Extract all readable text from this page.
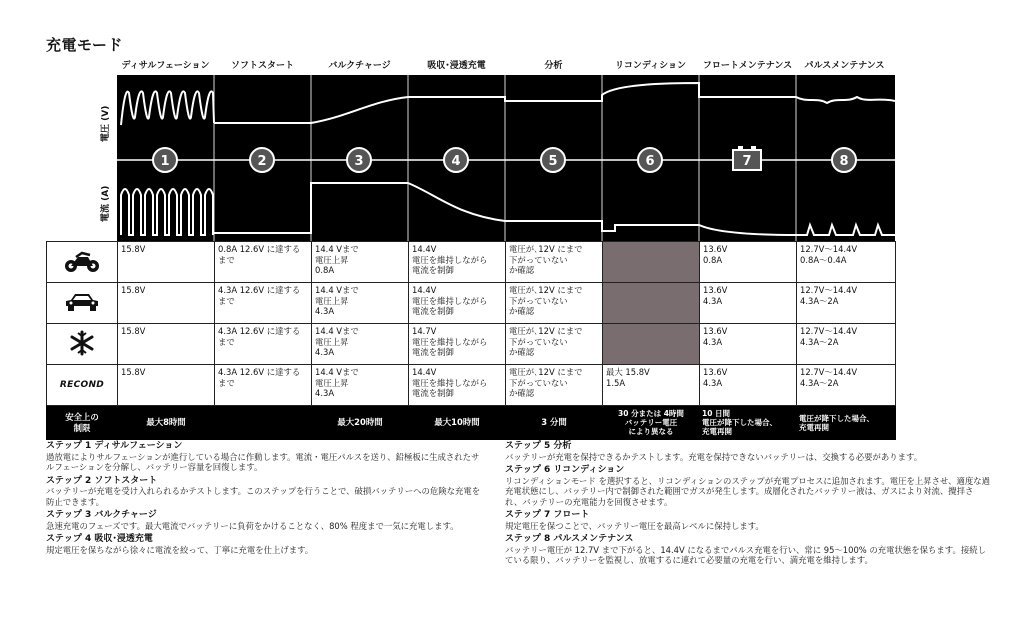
充電モード
ディサルフェーション	ソフトスタート	バルクチャージ	吸収･浸透充電	分析	リコンディション	フロートメンテナンス	パルスメンテナンス
電圧 (V)
電流 (A)
1	2	3	4	5	6	7	8
	15.8V	0.8A 12.6V に達するまで	14.4 Vまで
電圧上昇
0.8A	14.4V
電圧を維持しながら
電流を制御	電圧が､12V にまで
下がっていない
か確認		13.6V
0.8A	12.7V～14.4V
0.8A～0.4A
	15.8V	4.3A 12.6V に達するまで	14.4 Vまで
電圧上昇
4.3A	14.4V
電圧を維持しながら
電流を制御	電圧が､12V にまで
下がっていない
か確認		13.6V
4.3A	12.7V～14.4V
4.3A～2A
	15.8V	4.3A 12.6V に達するまで	14.4 Vまで
電圧上昇
4.3A	14.7V
電圧を維持しながら
電流を制御	電圧が､12V にまで
下がっていない
か確認		13.6V
4.3A	12.7V～14.4V
4.3A～2A
RECOND	15.8V	4.3A 12.6V に達するまで	14.4 Vまで
電圧上昇
4.3A	14.4V
電圧を維持しながら
電流を制御	電圧が､12V にまで
下がっていない
か確認	最大 15.8V
1.5A	13.6V
4.3A	12.7V～14.4V
4.3A～2A
安全上の
制限	最大8時間		最大20時間	最大10時間	3 分間	30 分または 4時間
バッテリー電圧
により異なる	10 日間
電圧が降下した場合、
充電再開	電圧が降下した場合、
充電再開
ステップ 1 ディサルフェーション
過放電によりサルフェーションが進行している場合に作動します。電流・電圧パルスを送り、鉛極板に生成されたサルフェーションを分解し、バッテリー容量を回復します。
ステップ 2 ソフトスタート
バッテリーが充電を受け入れられるかテストします。このステップを行うことで、破損バッテリーへの危険な充電を防止できます。
ステップ 3 バルクチャージ
急速充電のフェーズです。最大電流でバッテリーに負荷をかけることなく、80% 程度まで一気に充電します。
ステップ 4 吸収･浸透充電
規定電圧を保ちながら徐々に電流を絞って、丁寧に充電を仕上げます。
ステップ 5 分析
バッテリーが充電を保持できるかテストします。充電を保持できないバッテリーは、交換する必要があります。
ステップ 6 リコンディション
リコンディションモード を選択すると、リコンディションのステップが充電プロセスに追加されます。電圧を上昇させ、適度な過充電状態にし、バッテリー内で制御された範囲でガスが発生します。成層化されたバッテリー液は、ガスにより対流、攪拌され、バッテリーの充電能力を回復させます。
ステップ 7 フロート
規定電圧を保つことで、バッテリー電圧を最高レベルに保持します。
ステップ 8 パルスメンテナンス
バッテリー電圧が 12.7V まで下がると、14.4V になるまでパルス充電を行い、常に 95～100% の充電状態を保ちます。接続している限り、バッテリーを監視し、放電するに連れて必要量の充電を行い、満充電を維持します。
